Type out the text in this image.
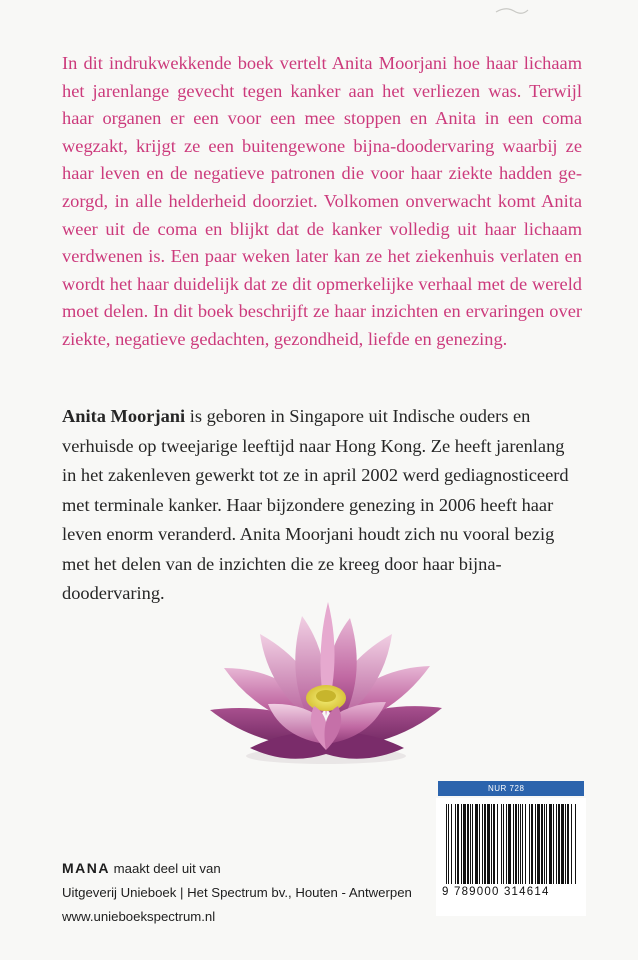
In dit indrukwekkende boek vertelt Anita Moorjani hoe haar lichaam het jarenlange gevecht tegen kanker aan het verliezen was. Terwijl haar organen er een voor een mee stoppen en Anita in een coma wegzakt, krijgt ze een buitengewone bijna-doodervaring waarbij ze haar leven en de negatieve patronen die voor haar ziekte hadden gezorgd, in alle helderheid doorziet. Volkomen onverwacht komt Anita weer uit de coma en blijkt dat de kanker volledig uit haar lichaam verdwenen is. Een paar weken later kan ze het ziekenhuis verlaten en wordt het haar duidelijk dat ze dit opmerkelijke verhaal met de wereld moet delen. In dit boek beschrijft ze haar inzichten en ervaringen over ziekte, negatieve gedachten, gezondheid, liefde en genezing.

Anita Moorjani is geboren in Singapore uit Indische ouders en verhuisde op tweejarige leeftijd naar Hong Kong. Ze heeft jarenlang in het zakenleven gewerkt tot ze in april 2002 werd gediagnosticeerd met terminale kanker. Haar bijzondere genezing in 2006 heeft haar leven enorm veranderd. Anita Moorjani houdt zich nu vooral bezig met het delen van de inzichten die ze kreeg door haar bijna-doodervaring.

NUR 728
9 789000 314614
MANA maakt deel uit van
Uitgeverij Unieboek | Het Spectrum bv., Houten - Antwerpen
www.unieboekspectrum.nl
